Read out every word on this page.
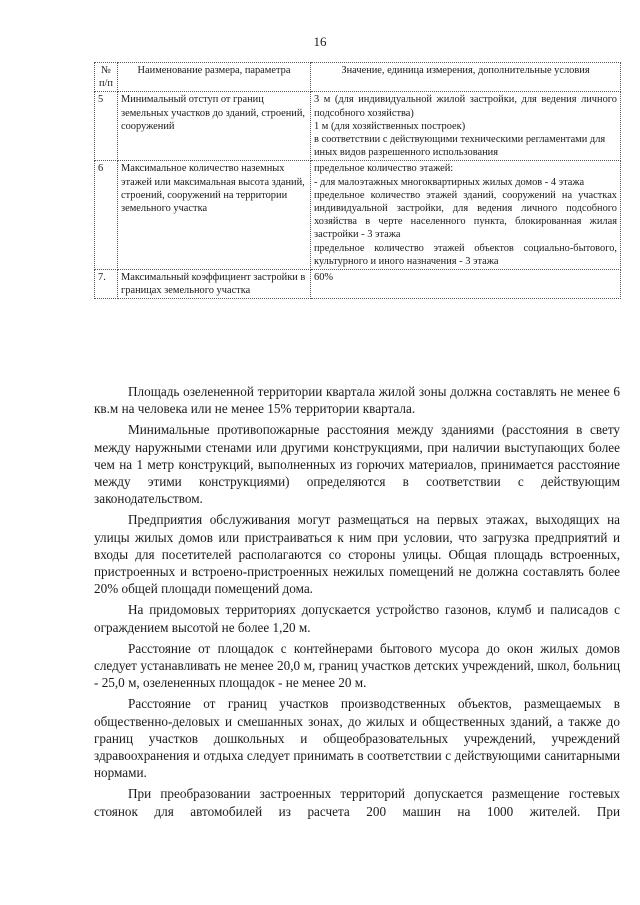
16
№ п/п	Наименование размера, параметра	Значение, единица измерения, дополнительные условия
5	Минимальный отступ от границ земельных участков до зданий, строений, сооружений	3 м (для индивидуальной жилой застройки, для ведения личного подсобного хозяйства)
1 м (для хозяйственных построек)
в соответствии с действующими техническими регламентами для иных видов разрешенного использования

6	Максимальное количество наземных этажей или максимальная высота зданий, строений, сооружений на территории земельного участка	предельное количество этажей:
- для малоэтажных многоквартирных жилых домов - 4 этажа
предельное количество этажей зданий, сооружений на участках индивидуальной застройки, для ведения личного подсобного хозяйства в черте населенного пункта, блокированная жилая застройки - 3 этажа
предельное количество этажей объектов социально-бытового, культурного и иного назначения - 3 этажа

7.	Максимальный коэффициент застройки в границах земельного участка	60%

Площадь озелененной территории квартала жилой зоны должна составлять не менее 6 кв.м на человека или не менее 15% территории квартала.

Минимальные противопожарные расстояния между зданиями (расстояния в свету между наружными стенами или другими конструкциями, при наличии выступающих более чем на 1 метр конструкций, выполненных из горючих материалов, принимается расстояние между этими конструкциями) определяются в соответствии с действующим законодательством.

Предприятия обслуживания могут размещаться на первых этажах, выходящих на улицы жилых домов или пристраиваться к ним при условии, что загрузка предприятий и входы для посетителей располагаются со стороны улицы. Общая площадь встроенных, пристроенных и встроено-пристроенных нежилых помещений не должна составлять более 20% общей площади помещений дома.

На придомовых территориях допускается устройство газонов, клумб и палисадов с ограждением высотой не более 1,20 м.

Расстояние от площадок с контейнерами бытового мусора до окон жилых домов следует устанавливать не менее 20,0 м, границ участков детских учреждений, школ, больниц - 25,0 м, озелененных площадок - не менее 20 м.

Расстояние от границ участков производственных объектов, размещаемых в общественно-деловых и смешанных зонах, до жилых и общественных зданий, а также до границ участков дошкольных и общеобразовательных учреждений, учреждений здравоохранения и отдыха следует принимать в соответствии с действующими санитарными нормами.

При преобразовании застроенных территорий допускается размещение гостевых стоянок для автомобилей из расчета 200 машин на 1000 жителей. При
